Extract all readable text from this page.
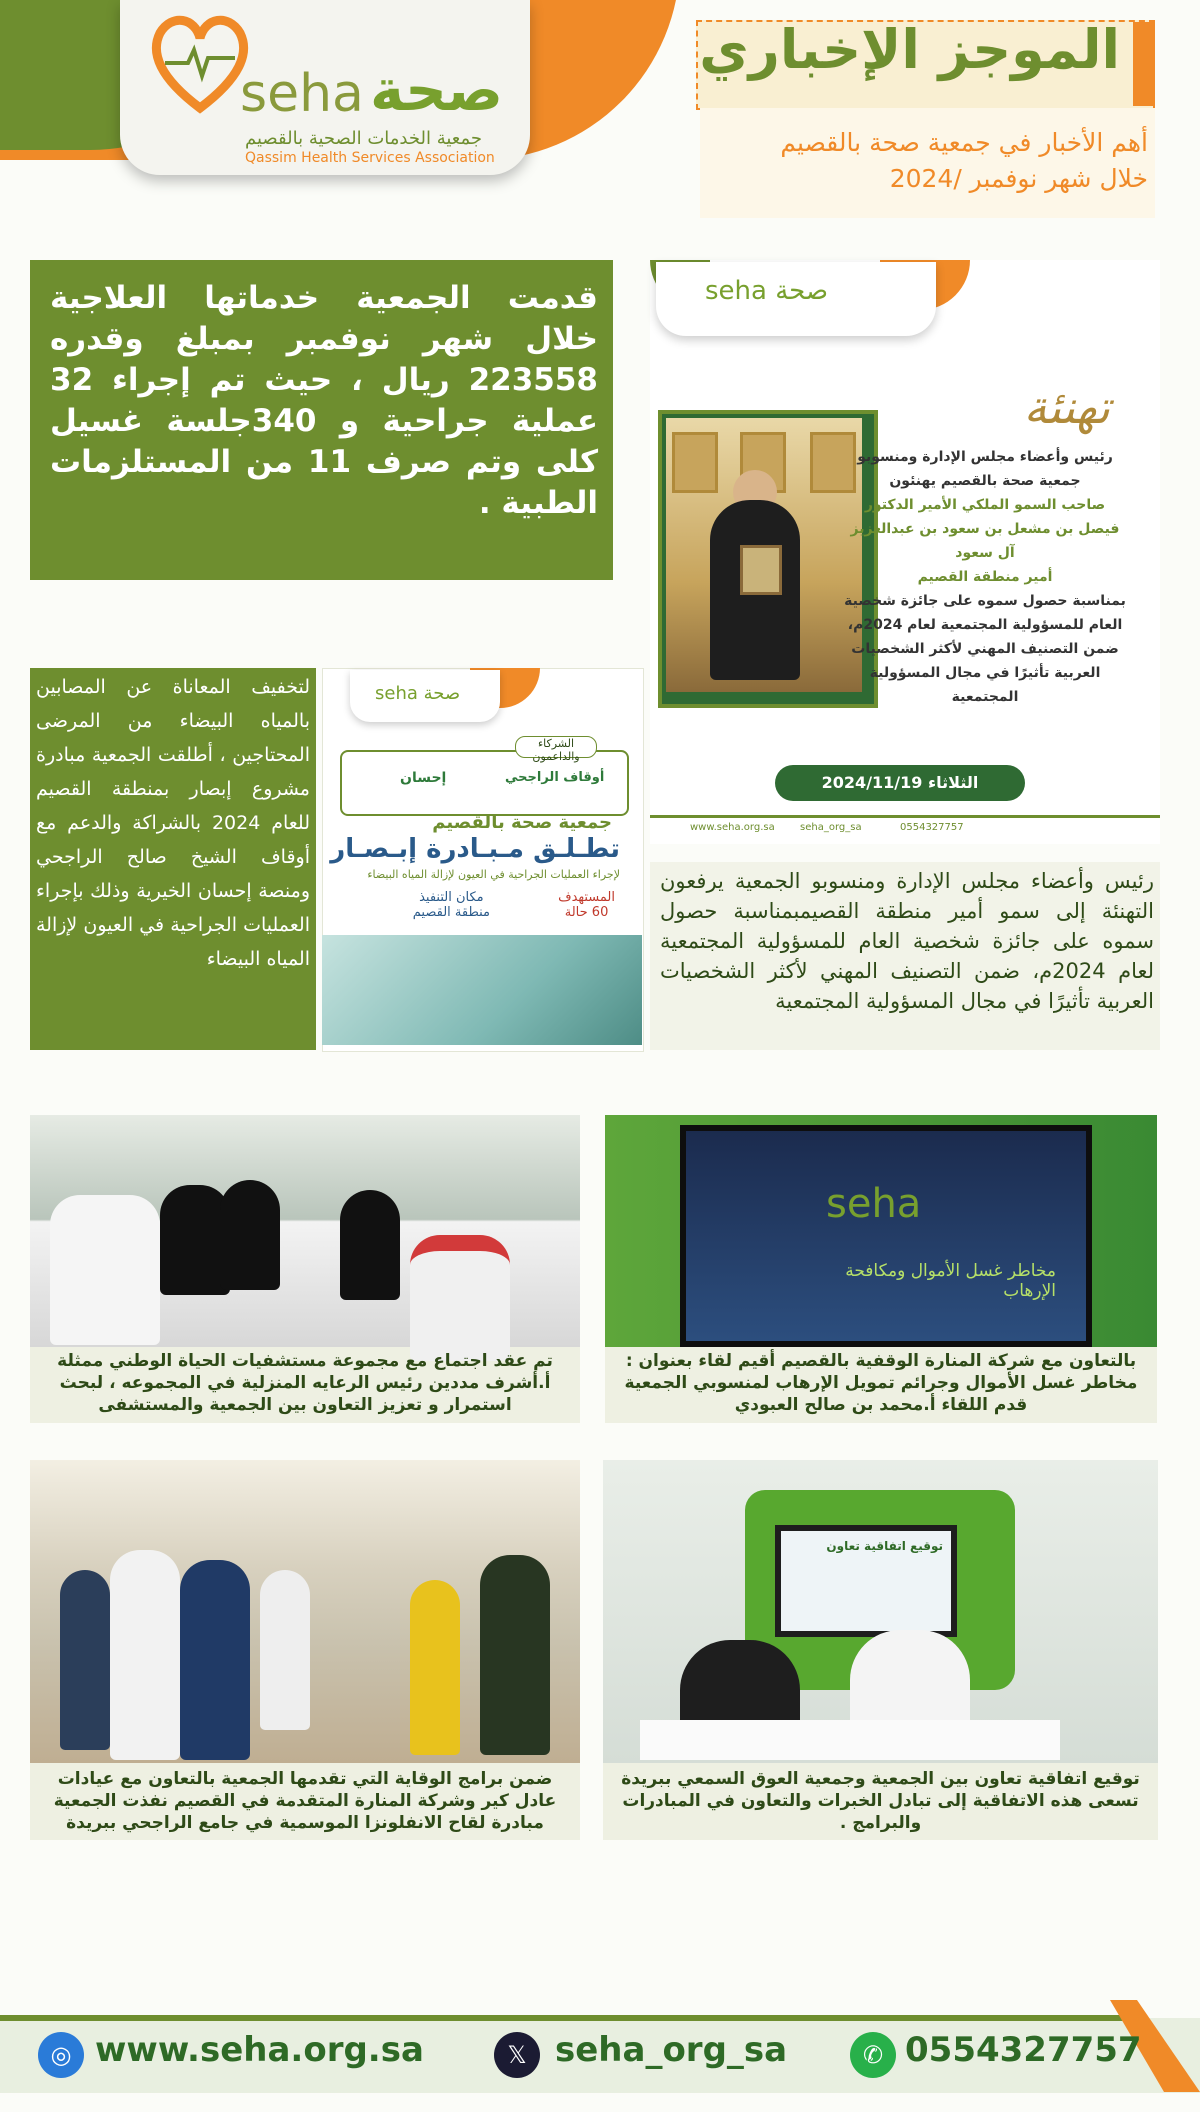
seha صحة
جمعية الخدمات الصحية بالقصيم
Qassim Health Services Association
الموجز الإخباري
أهم الأخبار في جمعية صحة بالقصيم
خلال شهر نوفمبر /2024
قدمت الجمعية خدماتها العلاجية خلال شهر نوفمبر بمبلغ وقدره 223558 ريال ، حيث تم إجراء 32 عملية جراحية و 340جلسة غسيل كلى وتم صرف 11 من المستلزمات الطبية .
seha صحة
تهنئة
رئيس وأعضاء مجلس الإدارة ومنسوبو
جمعية صحة بالقصيم يهنئون
صاحب السمو الملكي الأمير الدكتور
فيصل بن مشعل بن سعود بن عبدالعزيز آل سعود
أمير منطقة القصيم
بمناسبة حصول سموه على جائزة شخصية العام للمسؤولية المجتمعية لعام 2024م، ضمن التصنيف المهني لأكثر الشخصيات العربية تأثيرًا في مجال المسؤولية المجتمعية
الثلاثاء 2024/11/19
www.seha.org.sa	seha_org_sa	0554327757
رئيس وأعضاء مجلس الإدارة ومنسوبو الجمعية يرفعون التهنئة إلى سمو أمير منطقة القصيمبمناسبة حصول سموه على جائزة شخصية العام للمسؤولية المجتمعية لعام 2024م، ضمن التصنيف المهني لأكثر الشخصيات العربية تأثيرًا في مجال المسؤولية المجتمعية
لتخفيف المعاناة عن المصابين بالمياه البيضاء من المرضى المحتاجين ، أطلقت الجمعية مبادرة مشروع إبصار بمنطقة القصيم للعام 2024 بالشراكة والدعم مع أوقاف الشيخ صالح الراجحي ومنصة إحسان الخيرية وذلك بإجراء العمليات الجراحية في العيون لإزالة المياه البيضاء
seha صحة
الشركاء والداعمون
إحسان	أوقاف الراجحي
جمعية صحة بالقصيم
تطـلـق مـبـادرة إبـصـار
لإجراء العمليات الجراحية في العيون لإزالة المياه البيضاء
المستهدف
60 حالة
مكان التنفيذ
منطقة القصيم
تم عقد اجتماع مع مجموعة مستشفيات الحياة الوطني ممثلة أ.أشرف مددين رئيس الرعايه المنزلية في المجموعه ، لبحث استمرار و تعزيز التعاون بين الجمعية والمستشفى
seha
مخاطر غسل الأموال ومكافحة الإرهاب
بالتعاون مع شركة المنارة الوقفية بالقصيم أقيم لقاء بعنوان : مخاطر غسل الأموال وجرائم تمويل الإرهاب لمنسوبي الجمعية قدم اللقاء أ.محمد بن صالح العبودي
ضمن برامج الوقاية التي تقدمها الجمعية بالتعاون مع عيادات عادل كير وشركة المنارة المتقدمة في القصيم نفذت الجمعية مبادرة لقاح الانفلونزا الموسمية في جامع الراجحي ببريدة
توقيع اتفاقية تعاون
توقيع اتفاقية تعاون بين الجمعية وجمعية العوق السمعي ببريدة تسعى هذه الاتفاقية إلى تبادل الخبرات والتعاون في المبادرات والبرامج .
◎ www.seha.org.sa	𝕏 seha_org_sa	✆ 0554327757
